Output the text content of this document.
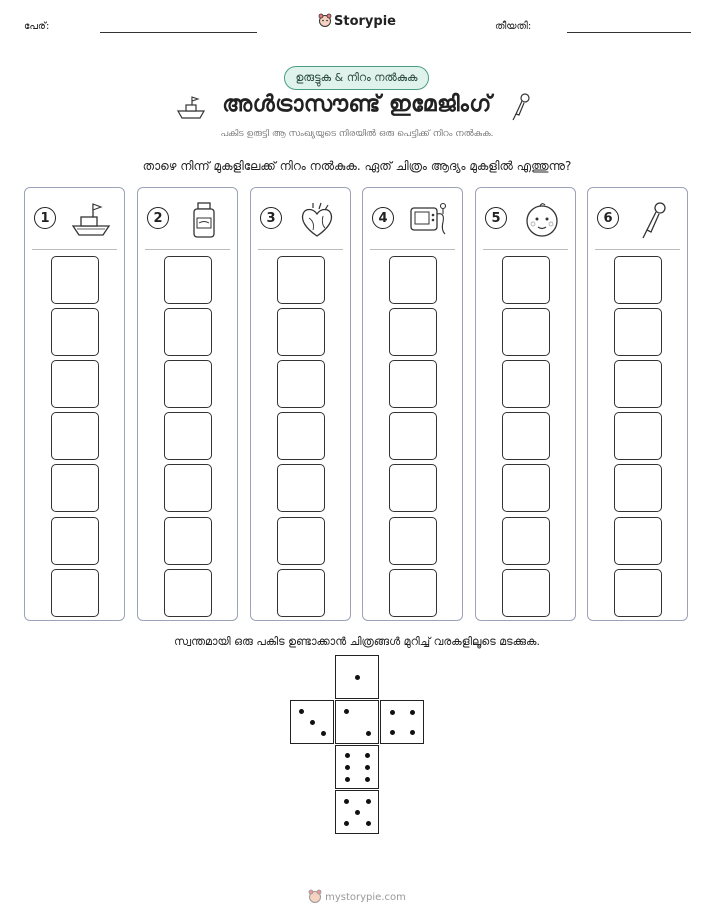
പേര്:	Storypie	തീയതി:
ഉരുട്ടുക & നിറം നൽകുക
അൾട്രാസൗണ്ട് ഇമേജിംഗ്
പകിട ഉരുട്ടി ആ സംഖ്യയുടെ നിരയിൽ ഒരു പെട്ടിക്ക് നിറം നൽകുക.
താഴെ നിന്ന് മുകളിലേക്ക് നിറം നൽകുക. ഏത് ചിത്രം ആദ്യം മുകളിൽ എത്തുന്നു?
1	2	3	4	5	6
സ്വന്തമായി ഒരു പകിട ഉണ്ടാക്കാൻ ചിത്രങ്ങൾ മുറിച്ച് വരകളിലൂടെ മടക്കുക.
mystorypie.com
